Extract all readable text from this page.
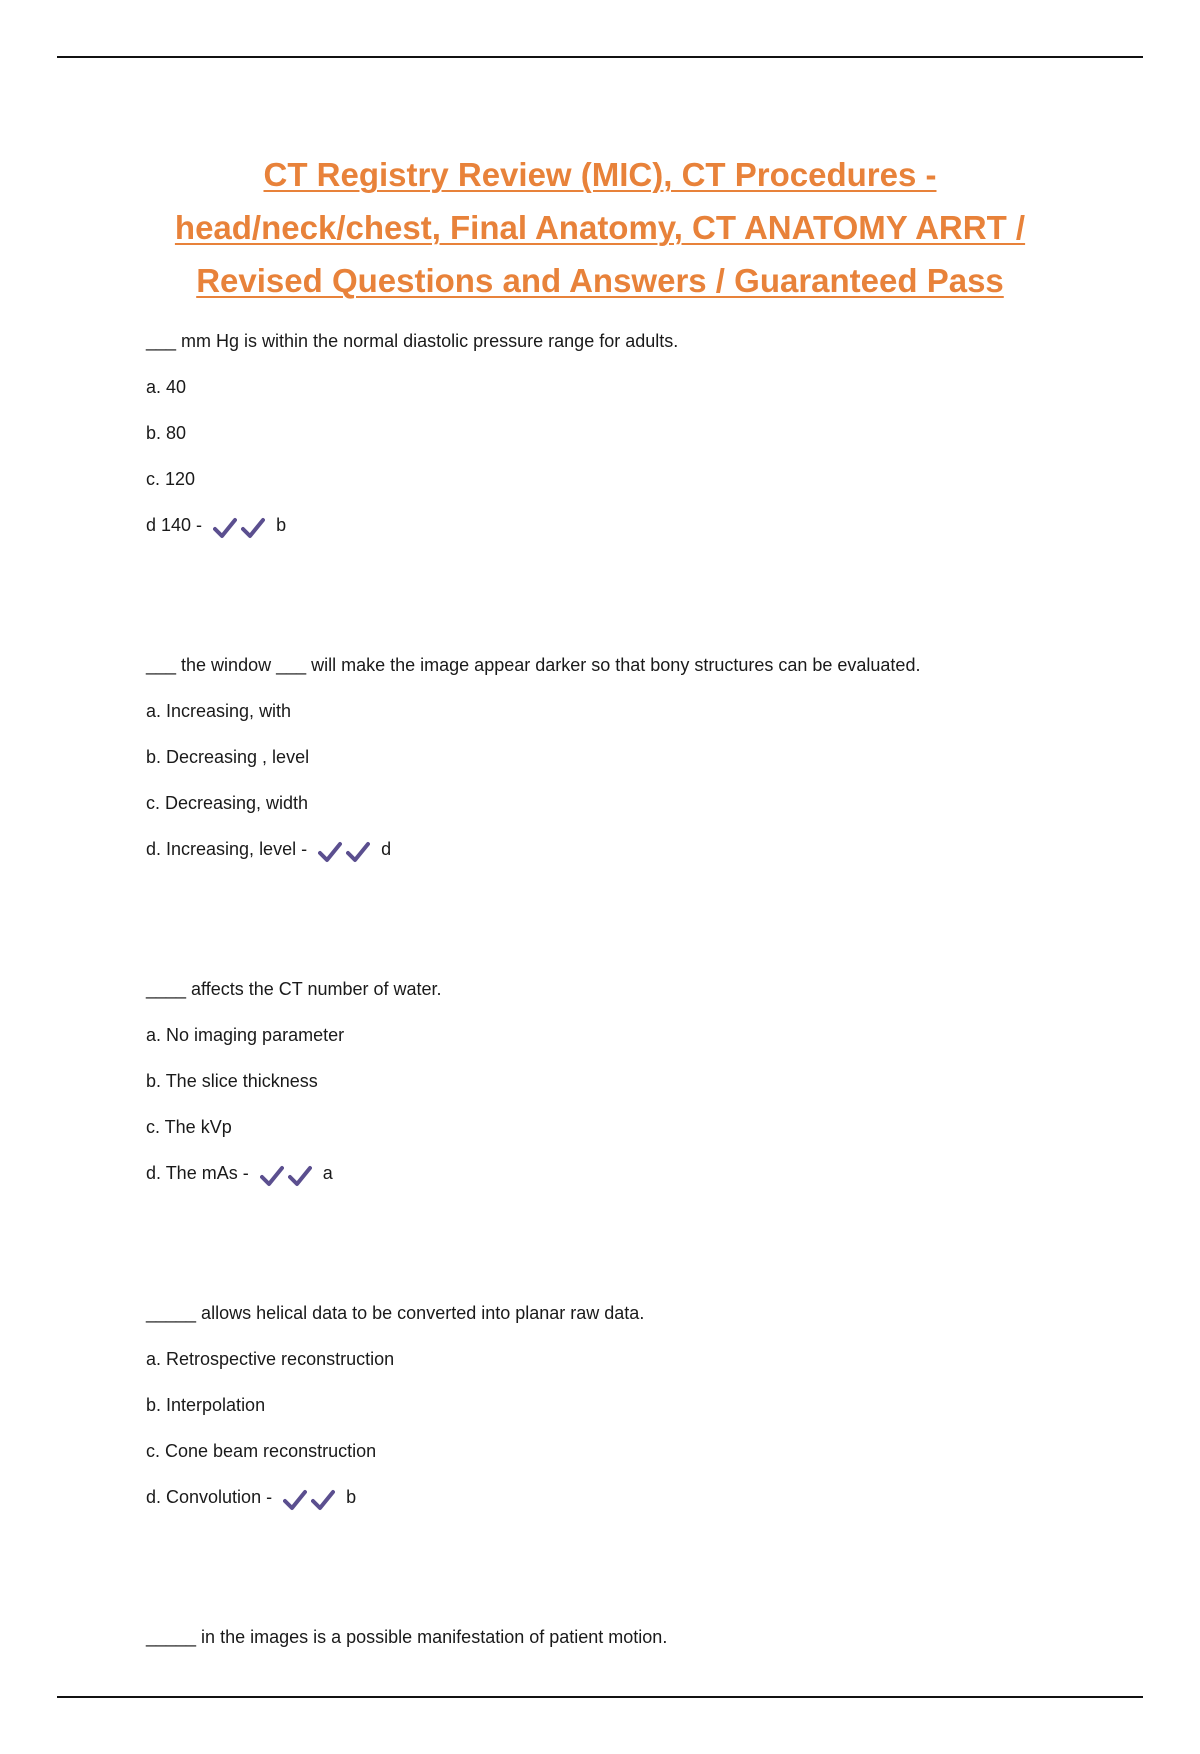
CT Registry Review (MIC), CT Procedures -
head/neck/chest, Final Anatomy, CT ANATOMY ARRT /
Revised Questions and Answers / Guaranteed Pass
___ mm Hg is within the normal diastolic pressure range for adults.
a. 40
b. 80
c. 120
d 140 -	b
___ the window ___ will make the image appear darker so that bony structures can be evaluated.
a. Increasing, with
b. Decreasing , level
c. Decreasing, width
d. Increasing, level -	d
____ affects the CT number of water.
a. No imaging parameter
b. The slice thickness
c. The kVp
d. The mAs -	a
_____ allows helical data to be converted into planar raw data.
a. Retrospective reconstruction
b. Interpolation
c. Cone beam reconstruction
d. Convolution -	b
_____ in the images is a possible manifestation of patient motion.
